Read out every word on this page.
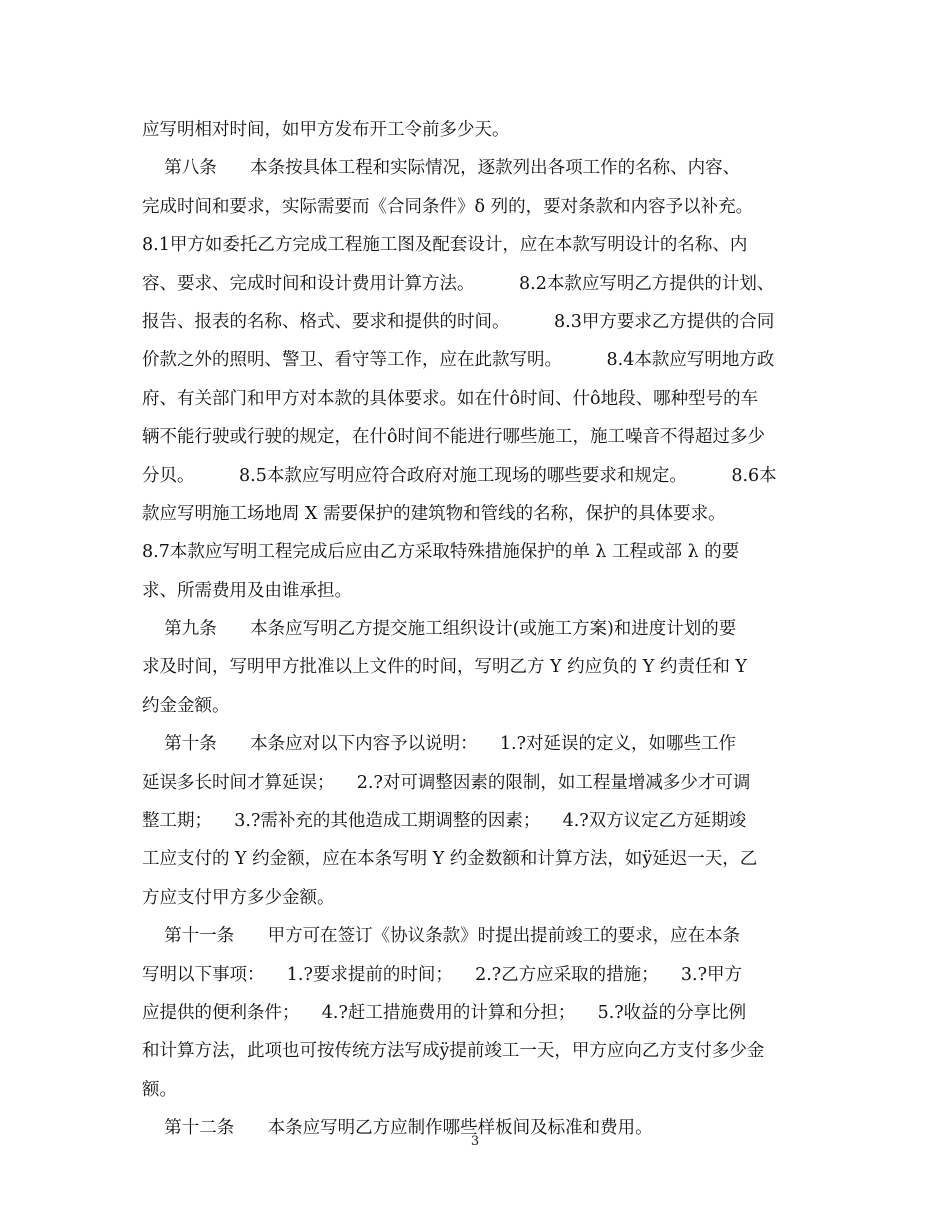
应写明相对时间，如甲方发布开工令前多少天。
第八条      本条按具体工程和实际情况，逐款列出各项工作的名称、内容、
完成时间和要求，实际需要而《合同条件》δ 列的，要对条款和内容予以补充。
8.1甲方如委托乙方完成工程施工图及配套设计，应在本款写明设计的名称、内
容、要求、完成时间和设计费用计算方法。        8.2本款应写明乙方提供的计划、
报告、报表的名称、格式、要求和提供的时间。        8.3甲方要求乙方提供的合同
价款之外的照明、警卫、看守等工作，应在此款写明。        8.4本款应写明地方政
府、有关部门和甲方对本款的具体要求。如在什ô时间、什ô地段、哪种型号的车
辆不能行驶或行驶的规定，在什ô时间不能进行哪些施工，施工噪音不得超过多少
分贝。        8.5本款应写明应符合政府对施工现场的哪些要求和规定。        8.6本
款应写明施工场地周 X 需要保护的建筑物和管线的名称，保护的具体要求。
8.7本款应写明工程完成后应由乙方采取特殊措施保护的单 λ 工程或部 λ 的要
求、所需费用及由谁承担。
第九条      本条应写明乙方提交施工组织设计(或施工方案)和进度计划的要
求及时间，写明甲方批准以上文件的时间，写明乙方 Υ 约应负的 Υ 约责任和 Υ
约金金额。
第十条      本条应对以下内容予以说明：    1.?对延误的定义，如哪些工作
延误多长时间才算延误；    2.?对可调整因素的限制，如工程量增减多少才可调
整工期；    3.?需补充的其他造成工期调整的因素；    4.?双方议定乙方延期竣
工应支付的 Υ 约金额，应在本条写明 Υ 约金数额和计算方法，如ÿ延迟一天，乙
方应支付甲方多少金额。
第十一条      甲方可在签订《协议条款》时提出提前竣工的要求，应在本条
写明以下事项：    1.?要求提前的时间；    2.?乙方应采取的措施；    3.?甲方
应提供的便利条件；    4.?赶工措施费用的计算和分担；    5.?收益的分享比例
和计算方法，此项也可按传统方法写成ÿ提前竣工一天，甲方应向乙方支付多少金
额。
第十二条      本条应写明乙方应制作哪些样板间及标准和费用。
3
